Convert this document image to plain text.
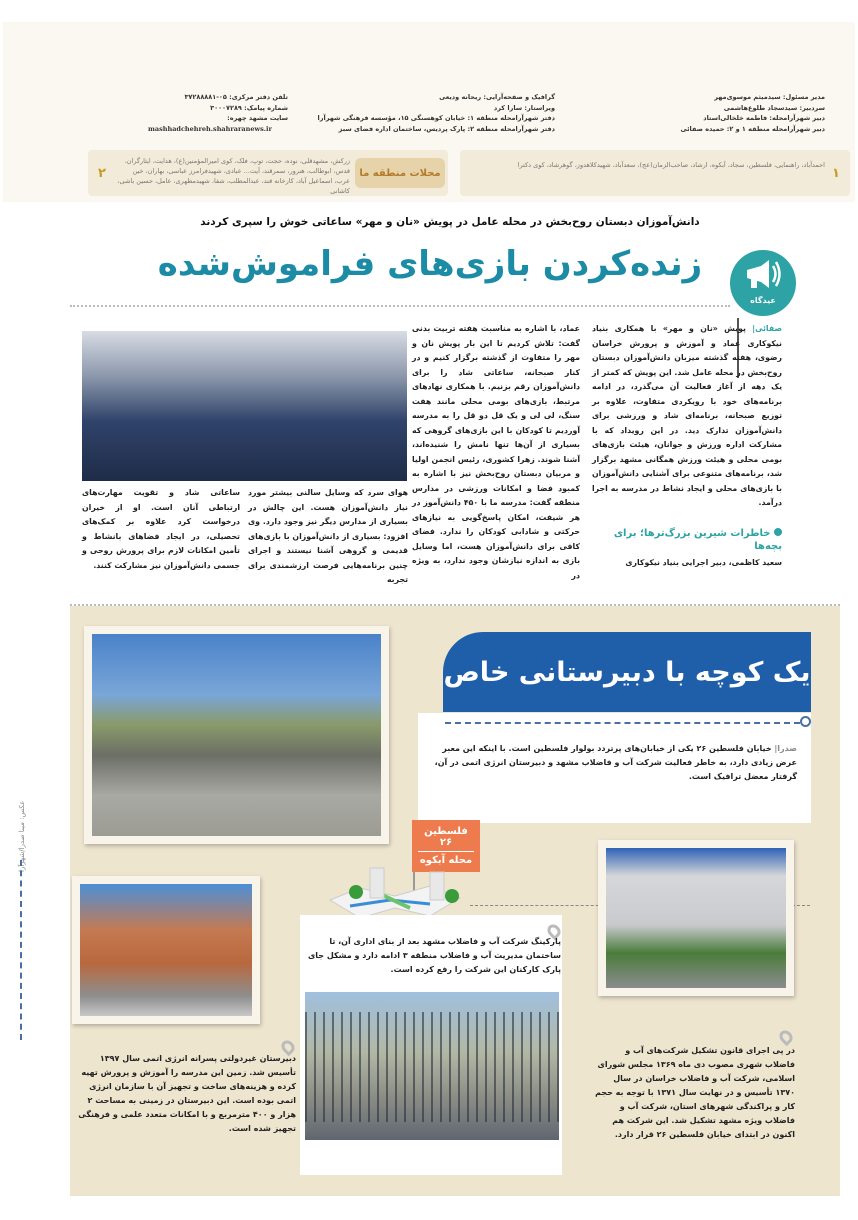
مدیر مسئول: سیدمیثم موسوی‌مهر
سردبیر: سیدسجاد طلوع‌هاشمی
دبیر شهرآرامحله: فاطمه خلخالی‌استاد
دبیر شهرآرامحله منطقه ۱ و ۲: حمیده صفائی
گرافیک و صفحه‌آرایی: ریحانه ودیعی
ویراستار: سارا کرد
دفتر شهرآرامحله منطقه ۱: خیابان کوهسنگی ۱۵، مؤسسه فرهنگی شهرآرا
دفتر شهرآرامحله منطقه ۲: پارک پردیس، ساختمان اداره فضای سبز
تلفن دفتر مرکزی: ۰۵-۳۷۲۸۸۸۸۱
شماره پیامک: ۳۰۰۰۷۲۸۹
سایت مشهد چهره:
mashhadchehreh.shahraranews.ir
۱
احمدآباد، راهنمایی، فلسطین، سجاد، آبکوه، ارشاد، صاحب‌الزمان(عج)، سعدآباد، شهیدکلاهدوز، گوهرشاد، کوی دکترا
محلات منطقه ما
۲
زرکش، مشهدقلی، نوده، حجت، توپ، فلک، کوی امیرالمؤمنین(ع)، هدایت، ایثارگران، قدس، ابوطالب، هنرور، سمرقند، آیت... عبادی، شهیدفرامرز عباسی، بهاران، خین عرب، اسماعیل آباد، کارخانه قند، عبدالمطلب، شفا، شهیدمطهری، عامل، حسین باشی، کاشانی
دانش‌آموزان دبستان روح‌بخش در محله عامل در پویش «نان و مهر» ساعاتی خوش را سپری کردند
زنده‌کردن بازی‌های فراموش‌شده
عیدگاه
صفائی| پویش «نان و مهر» با همکاری بنیاد نیکوکاری عماد و آموزش و پرورش خراسان رضوی، هفته گذشته میزبان دانش‌آموزان دبستان روح‌بخش در محله عامل شد. این پویش که کمتر از یک دهه از آغاز فعالیت آن می‌گذرد، در ادامه برنامه‌های خود با رویکردی متفاوت، علاوه بر توزیع صبحانه، برنامه‌ای شاد و ورزشی برای دانش‌آموزان تدارک دید. در این رویداد که با مشارکت اداره ورزش و جوانان، هیئت بازی‌های بومی محلی و هیئت ورزش همگانی مشهد برگزار شد، برنامه‌های متنوعی برای آشنایی دانش‌آموزان با بازی‌های محلی و ایجاد نشاط در مدرسه به اجرا درآمد.
خاطرات شیرین بزرگ‌ترها؛ برای بچه‌ها
سعید کاظمی، دبیر اجرایی بنیاد نیکوکاری
عماد، با اشاره به مناسبت هفته تربیت بدنی گفت: تلاش کردیم تا این بار پویش نان و مهر را متفاوت از گذشته برگزار کنیم و در کنار صبحانه، ساعاتی شاد را برای دانش‌آموزان رقم بزنیم. با همکاری نهادهای مرتبط، بازی‌های بومی محلی مانند هفت سنگ، لی لی و یک قل دو قل را به مدرسه آوردیم تا کودکان با این بازی‌های گروهی که بسیاری از آن‌ها تنها نامش را شنیده‌اند، آشنا شوند. زهرا کشوری، رئیس انجمن اولیا و مربیان دبستان روح‌بخش نیز با اشاره به کمبود فضا و امکانات ورزشی در مدارس منطقه گفت: مدرسه ما با ۴۵۰ دانش‌آموز در هر شیفت، امکان پاسخ‌گویی به نیازهای حرکتی و شادابی کودکان را ندارد. فضای کافی برای دانش‌آموزان هست، اما وسایل بازی به اندازه نیازشان وجود ندارد، به ویژه در
هوای سرد که وسایل سالنی بیشتر مورد نیاز دانش‌آموزان هست. این چالش در بسیاری از مدارس دیگر نیز وجود دارد. وی افزود: بسیاری از دانش‌آموزان با بازی‌های قدیمی و گروهی آشنا نیستند و اجرای چنین برنامه‌هایی فرصت ارزشمندی برای تجربه
ساعاتی شاد و تقویت مهارت‌های ارتباطی آنان است. او از خیران درخواست کرد علاوه بر کمک‌های تحصیلی، در ایجاد فضاهای بانشاط و تأمین امکانات لازم برای پرورش روحی و جسمی دانش‌آموزان نیز مشارکت کنند.
عکس: مینا صدرا/شهرآرا
یک کوچه با دبیرستانی خاص
صدرا| خیابان فلسطین ۲۶ یکی از خیابان‌های پرتردد بولوار فلسطین است. با اینکه این معبر عرض زیادی دارد، به خاطر فعالیت شرکت آب و فاضلاب مشهد و دبیرستان انرژی اتمی در آن، گرفتار معضل ترافیک است.
فلسطین ۲۶
محله آبکوه
دبیرستان غیردولتی پسرانه انرژی اتمی سال ۱۳۹۷ تأسیس شد. زمین این مدرسه را آموزش و پرورش تهیه کرده و هزینه‌های ساخت و تجهیز آن با سازمان انرژی اتمی بوده است. این دبیرستان در زمینی به مساحت ۲ هزار و ۴۰۰ مترمربع و با امکانات متعدد علمی و فرهنگی تجهیز شده است.
پارکینگ شرکت آب و فاضلاب مشهد بعد از بنای اداری آن، تا ساختمان مدیریت آب و فاضلاب منطقه ۳ ادامه دارد و مشکل جای پارک کارکنان این شرکت را رفع کرده است.
در پی اجرای قانون تشکیل شرکت‌های آب و فاضلاب شهری مصوب دی ماه ۱۳۶۹ مجلس شورای اسلامی، شرکت آب و فاضلاب خراسان در سال ۱۳۷۰ تأسیس و در نهایت سال ۱۳۷۱ با توجه به حجم کار و پراکندگی شهرهای استان، شرکت آب و فاضلاب ویژه مشهد تشکیل شد. این شرکت هم اکنون در ابتدای خیابان فلسطین ۲۶ قرار دارد.
